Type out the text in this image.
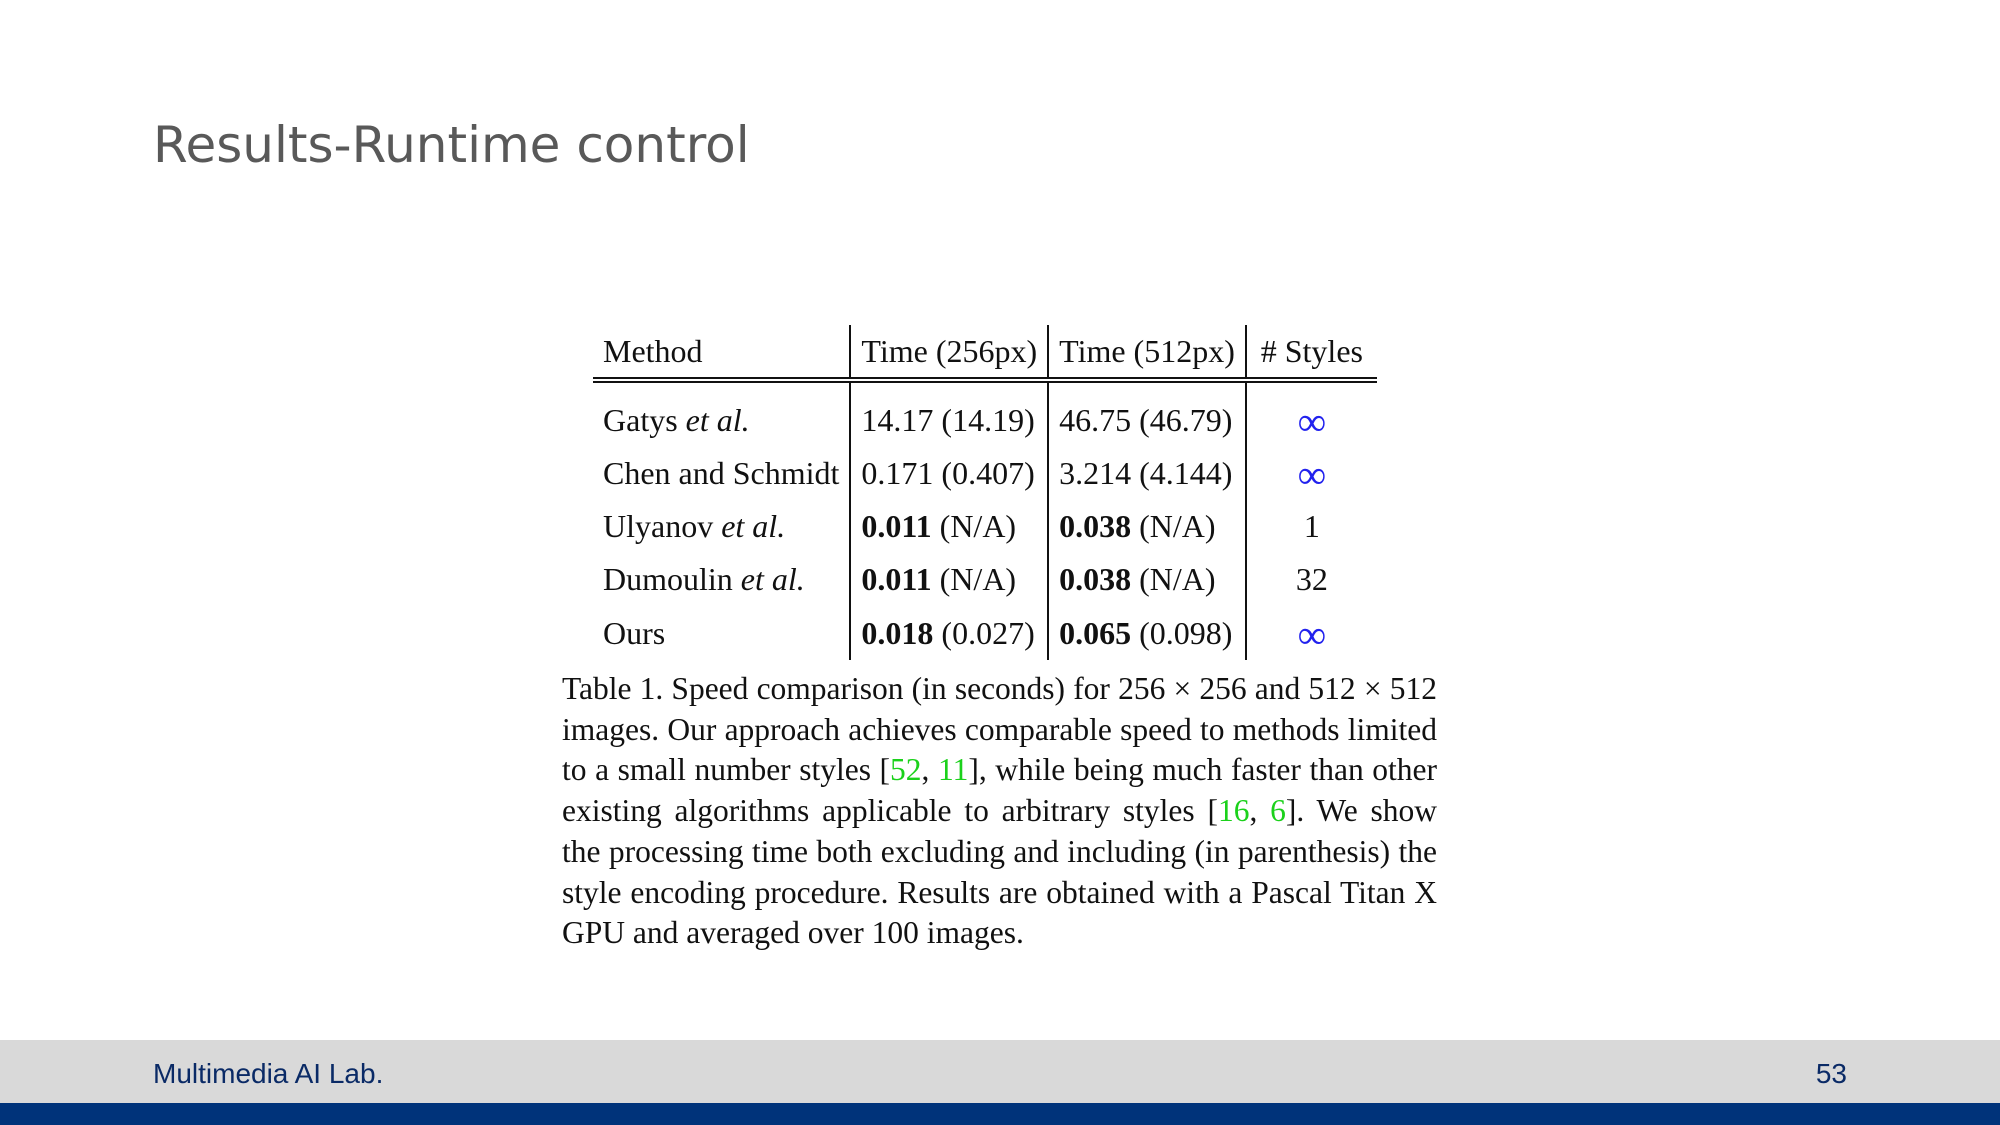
Results-Runtime control
Method	Time (256px)	Time (512px)	# Styles
Gatys et al.	14.17 (14.19)	46.75 (46.79)	∞
Chen and Schmidt	0.171 (0.407)	3.214 (4.144)	∞
Ulyanov et al.	0.011 (N/A)	0.038 (N/A)	1
Dumoulin et al.	0.011 (N/A)	0.038 (N/A)	32
Ours	0.018 (0.027)	0.065 (0.098)	∞

Table 1. Speed comparison (in seconds) for 256 × 256 and 512 × 512 images. Our approach achieves comparable speed to methods limited to a small number styles [52, 11], while being much faster than other existing algorithms applicable to arbitrary styles [16, 6]. We show the processing time both excluding and including (in parenthesis) the style encoding procedure. Results are obtained with a Pascal Titan X GPU and averaged over 100 images.

Multimedia AI Lab.	53
